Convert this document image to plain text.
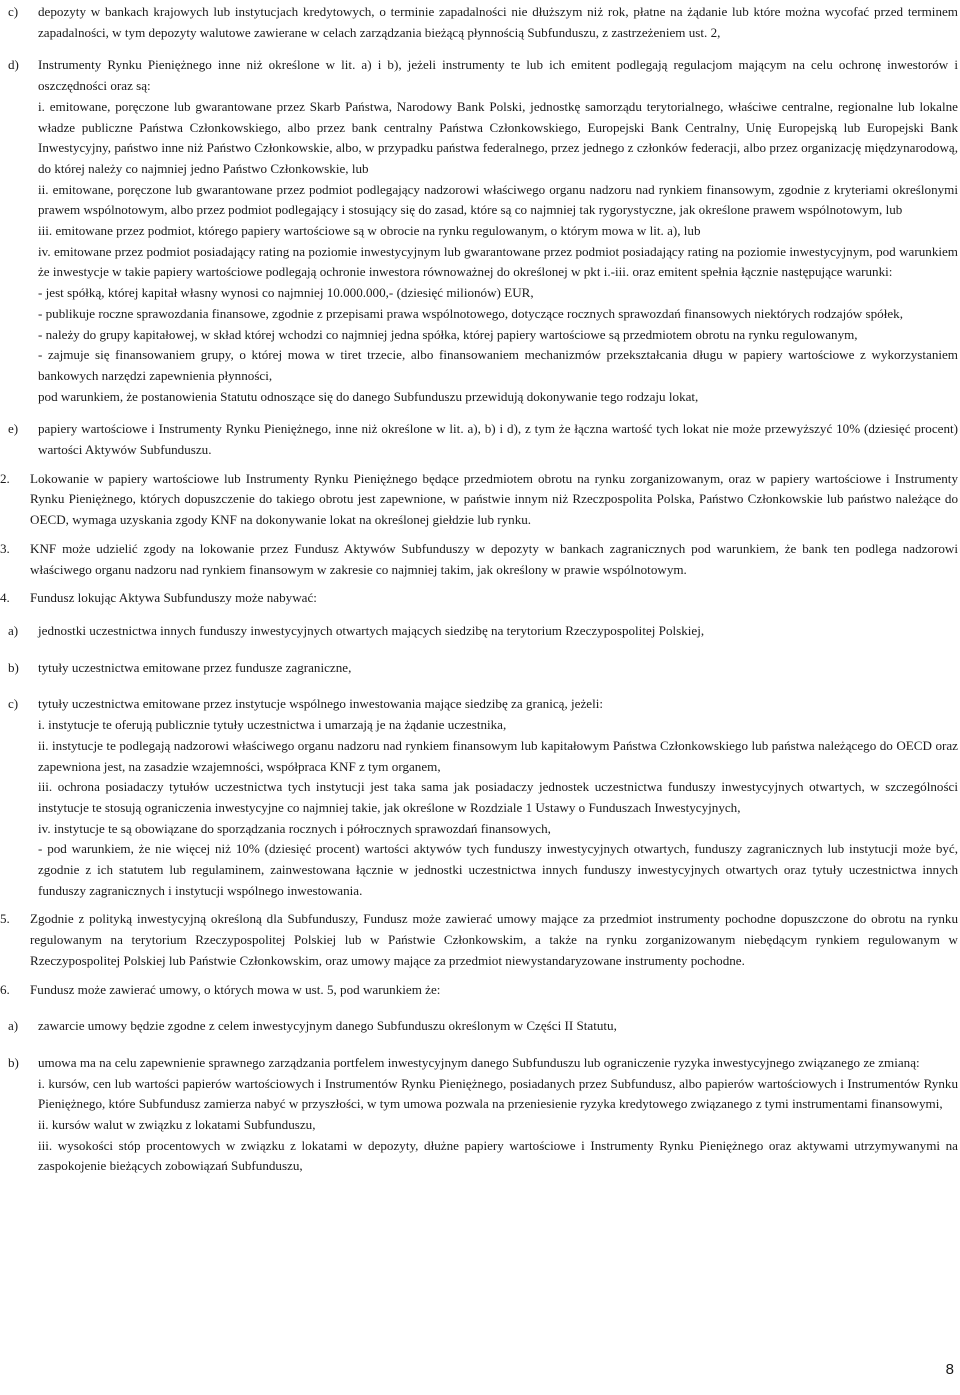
c)	depozyty w bankach krajowych lub instytucjach kredytowych, o terminie zapadalności nie dłuższym niż rok, płatne na żądanie lub które można wycofać przed terminem zapadalności, w tym depozyty walutowe zawierane w celach zarządzania bieżącą płynnością Subfunduszu, z zastrzeżeniem ust. 2,

d)	Instrumenty Rynku Pieniężnego inne niż określone w lit. a) i b), jeżeli instrumenty te lub ich emitent podlegają regulacjom mającym na celu ochronę inwestorów i oszczędności oraz są:

i. emitowane, poręczone lub gwarantowane przez Skarb Państwa, Narodowy Bank Polski, jednostkę samorządu terytorialnego, właściwe centralne, regionalne lub lokalne władze publiczne Państwa Członkowskiego, albo przez bank centralny Państwa Członkowskiego, Europejski Bank Centralny, Unię Europejską lub Europejski Bank Inwestycyjny, państwo inne niż Państwo Członkowskie, albo, w przypadku państwa federalnego, przez jednego z członków federacji, albo przez organizację międzynarodową, do której należy co najmniej jedno Państwo Członkowskie, lub

ii. emitowane, poręczone lub gwarantowane przez podmiot podlegający nadzorowi właściwego organu nadzoru nad rynkiem finansowym, zgodnie z kryteriami określonymi prawem wspólnotowym, albo przez podmiot podlegający i stosujący się do zasad, które są co najmniej tak rygorystyczne, jak określone prawem wspólnotowym, lub

iii. emitowane przez podmiot, którego papiery wartościowe są w obrocie na rynku regulowanym, o którym mowa w lit. a), lub

iv. emitowane przez podmiot posiadający rating na poziomie inwestycyjnym lub gwarantowane przez podmiot posiadający rating na poziomie inwestycyjnym, pod warunkiem że inwestycje w takie papiery wartościowe podlegają ochronie inwestora równoważnej do określonej w pkt i.-iii. oraz emitent spełnia łącznie następujące warunki:

- jest spółką, której kapitał własny wynosi co najmniej 10.000.000,- (dziesięć milionów) EUR,

- publikuje roczne sprawozdania finansowe, zgodnie z przepisami prawa wspólnotowego, dotyczące rocznych sprawozdań finansowych niektórych rodzajów spółek,

- należy do grupy kapitałowej, w skład której wchodzi co najmniej jedna spółka, której papiery wartościowe są przedmiotem obrotu na rynku regulowanym,

- zajmuje się finansowaniem grupy, o której mowa w tiret trzecie, albo finansowaniem mechanizmów przekształcania długu w papiery wartościowe z wykorzystaniem bankowych narzędzi zapewnienia płynności,

pod warunkiem, że postanowienia Statutu odnoszące się do danego Subfunduszu przewidują dokonywanie tego rodzaju lokat,

e)	papiery wartościowe i Instrumenty Rynku Pieniężnego, inne niż określone w lit. a), b) i d), z tym że łączna wartość tych lokat nie może przewyższyć 10% (dziesięć procent) wartości Aktywów Subfunduszu.

2.	Lokowanie w papiery wartościowe lub Instrumenty Rynku Pieniężnego będące przedmiotem obrotu na rynku zorganizowanym, oraz w papiery wartościowe i Instrumenty Rynku Pieniężnego, których dopuszczenie do takiego obrotu jest zapewnione, w państwie innym niż Rzeczpospolita Polska, Państwo Członkowskie lub państwo należące do OECD, wymaga uzyskania zgody KNF na dokonywanie lokat na określonej giełdzie lub rynku.

3.	KNF może udzielić zgody na lokowanie przez Fundusz Aktywów Subfunduszy w depozyty w bankach zagranicznych pod warunkiem, że bank ten podlega nadzorowi właściwego organu nadzoru nad rynkiem finansowym w zakresie co najmniej takim, jak określony w prawie wspólnotowym.

4.	Fundusz lokując Aktywa Subfunduszy może nabywać:

a)	jednostki uczestnictwa innych funduszy inwestycyjnych otwartych mających siedzibę na terytorium Rzeczypospolitej Polskiej,

b)	tytuły uczestnictwa emitowane przez fundusze zagraniczne,

c)	tytuły uczestnictwa emitowane przez instytucje wspólnego inwestowania mające siedzibę za granicą, jeżeli:

i. instytucje te oferują publicznie tytuły uczestnictwa i umarzają je na żądanie uczestnika,

ii. instytucje te podlegają nadzorowi właściwego organu nadzoru nad rynkiem finansowym lub kapitałowym Państwa Członkowskiego lub państwa należącego do OECD oraz zapewniona jest, na zasadzie wzajemności, współpraca KNF z tym organem,

iii. ochrona posiadaczy tytułów uczestnictwa tych instytucji jest taka sama jak posiadaczy jednostek uczestnictwa funduszy inwestycyjnych otwartych, w szczególności instytucje te stosują ograniczenia inwestycyjne co najmniej takie, jak określone w Rozdziale 1 Ustawy o Funduszach Inwestycyjnych,

iv. instytucje te są obowiązane do sporządzania rocznych i półrocznych sprawozdań finansowych,

- pod warunkiem, że nie więcej niż 10% (dziesięć procent) wartości aktywów tych funduszy inwestycyjnych otwartych, funduszy zagranicznych lub instytucji może być, zgodnie z ich statutem lub regulaminem, zainwestowana łącznie w jednostki uczestnictwa innych funduszy inwestycyjnych otwartych oraz tytuły uczestnictwa innych funduszy zagranicznych i instytucji wspólnego inwestowania.

5.	Zgodnie z polityką inwestycyjną określoną dla Subfunduszy, Fundusz może zawierać umowy mające za przedmiot instrumenty pochodne dopuszczone do obrotu na rynku regulowanym na terytorium Rzeczypospolitej Polskiej lub w Państwie Członkowskim, a także na rynku zorganizowanym niebędącym rynkiem regulowanym w Rzeczypospolitej Polskiej lub Państwie Członkowskim, oraz umowy mające za przedmiot niewystandaryzowane instrumenty pochodne.

6.	Fundusz może zawierać umowy, o których mowa w ust. 5, pod warunkiem że:

a)	zawarcie umowy będzie zgodne z celem inwestycyjnym danego Subfunduszu określonym w Części II Statutu,

b)	umowa ma na celu zapewnienie sprawnego zarządzania portfelem inwestycyjnym danego Subfunduszu lub ograniczenie ryzyka inwestycyjnego związanego ze zmianą:

i. kursów, cen lub wartości papierów wartościowych i Instrumentów Rynku Pieniężnego, posiadanych przez Subfundusz, albo papierów wartościowych i Instrumentów Rynku Pieniężnego, które Subfundusz zamierza nabyć w przyszłości, w tym umowa pozwala na przeniesienie ryzyka kredytowego związanego z tymi instrumentami finansowymi,

ii. kursów walut w związku z lokatami Subfunduszu,

iii. wysokości stóp procentowych w związku z lokatami w depozyty, dłużne papiery wartościowe i Instrumenty Rynku Pieniężnego oraz aktywami utrzymywanymi na zaspokojenie bieżących zobowiązań Subfunduszu,

8
